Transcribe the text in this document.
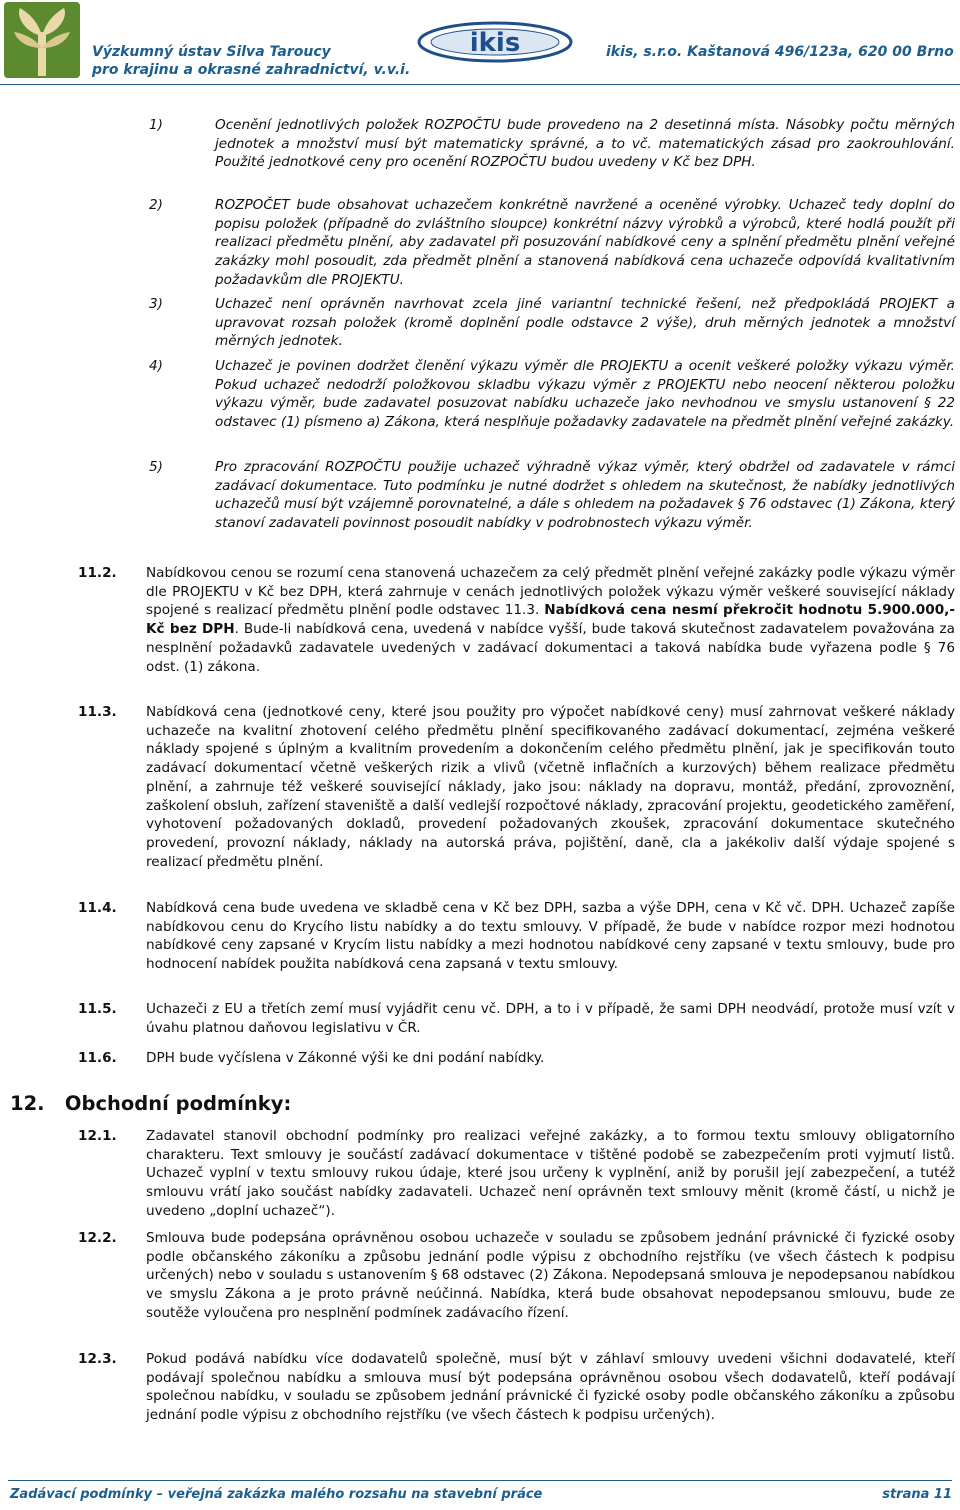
ikis
Výzkumný ústav Silva Taroucy
pro krajinu a okrasné zahradnictví, v.v.i.
ikis, s.r.o. Kaštanová 496/123a, 620 00 Brno
1)	Ocenění jednotlivých položek ROZPOČTU bude provedeno na 2 desetinná místa. Násobky počtu měrných jednotek a množství musí být matematicky správné, a to vč. matematických zásad pro zaokrouhlování. Použité jednotkové ceny pro ocenění ROZPOČTU budou uvedeny v Kč bez DPH.
2)	ROZPOČET bude obsahovat uchazečem konkrétně navržené a oceněné výrobky. Uchazeč tedy doplní do popisu položek (případně do zvláštního sloupce) konkrétní názvy výrobků a výrobců, které hodlá použít při realizaci předmětu plnění, aby zadavatel při posuzování nabídkové ceny a splnění předmětu plnění veřejné zakázky mohl posoudit, zda předmět plnění a stanovená nabídková cena uchazeče odpovídá kvalitativním požadavkům dle PROJEKTU.
3)	Uchazeč není oprávněn navrhovat zcela jiné variantní technické řešení, než předpokládá PROJEKT a upravovat rozsah položek (kromě doplnění podle odstavce 2 výše), druh měrných jednotek a množství měrných jednotek.
4)	Uchazeč je povinen dodržet členění výkazu výměr dle PROJEKTU a ocenit veškeré položky výkazu výměr. Pokud uchazeč nedodrží položkovou skladbu výkazu výměr z PROJEKTU nebo neocení některou položku výkazu výměr, bude zadavatel posuzovat nabídku uchazeče jako nevhodnou ve smyslu ustanovení § 22 odstavec (1) písmeno a) Zákona, která nesplňuje požadavky zadavatele na předmět plnění veřejné zakázky.
5)	Pro zpracování ROZPOČTU použije uchazeč výhradně výkaz výměr, který obdržel od zadavatele v rámci zadávací dokumentace. Tuto podmínku je nutné dodržet s ohledem na skutečnost, že nabídky jednotlivých uchazečů musí být vzájemně porovnatelné, a dále s ohledem na požadavek § 76 odstavec (1) Zákona, který stanoví zadavateli povinnost posoudit nabídky v podrobnostech výkazu výměr.
11.2. Nabídkovou cenou se rozumí cena stanovená uchazečem za celý předmět plnění veřejné zakázky podle výkazu výměr dle PROJEKTU v Kč bez DPH, která zahrnuje v cenách jednotlivých položek výkazu výměr veškeré související náklady spojené s realizací předmětu plnění podle odstavec 11.3. Nabídková cena nesmí překročit hodnotu 5.900.000,- Kč bez DPH. Bude-li nabídková cena, uvedená v nabídce vyšší, bude taková skutečnost zadavatelem považována za nesplnění požadavků zadavatele uvedených v zadávací dokumentaci a taková nabídka bude vyřazena podle § 76 odst. (1) zákona.
11.3. Nabídková cena (jednotkové ceny, které jsou použity pro výpočet nabídkové ceny) musí zahrnovat veškeré náklady uchazeče na kvalitní zhotovení celého předmětu plnění specifikovaného zadávací dokumentací, zejména veškeré náklady spojené s úplným a kvalitním provedením a dokončením celého předmětu plnění, jak je specifikován touto zadávací dokumentací včetně veškerých rizik a vlivů (včetně inflačních a kurzových) během realizace předmětu plnění, a zahrnuje též veškeré související náklady, jako jsou: náklady na dopravu, montáž, předání, zprovoznění, zaškolení obsluh, zařízení staveniště a další vedlejší rozpočtové náklady, zpracování projektu, geodetického zaměření, vyhotovení požadovaných dokladů, provedení požadovaných zkoušek, zpracování dokumentace skutečného provedení, provozní náklady, náklady na autorská práva, pojištění, daně, cla a jakékoliv další výdaje spojené s realizací předmětu plnění.
11.4. Nabídková cena bude uvedena ve skladbě cena v Kč bez DPH, sazba a výše DPH, cena v Kč vč. DPH. Uchazeč zapíše nabídkovou cenu do Krycího listu nabídky a do textu smlouvy. V případě, že bude v nabídce rozpor mezi hodnotou nabídkové ceny zapsané v Krycím listu nabídky a mezi hodnotou nabídkové ceny zapsané v textu smlouvy, bude pro hodnocení nabídek použita nabídková cena zapsaná v textu smlouvy.
11.5. Uchazeči z EU a třetích zemí musí vyjádřit cenu vč. DPH, a to i v případě, že sami DPH neodvádí, protože musí vzít v úvahu platnou daňovou legislativu v ČR.
11.6. DPH bude vyčíslena v Zákonné výši ke dni podání nabídky.
12. Obchodní podmínky:
12.1. Zadavatel stanovil obchodní podmínky pro realizaci veřejné zakázky, a to formou textu smlouvy obligatorního charakteru. Text smlouvy je součástí zadávací dokumentace v tištěné podobě se zabezpečením proti vyjmutí listů. Uchazeč vyplní v textu smlouvy rukou údaje, které jsou určeny k vyplnění, aniž by porušil její zabezpečení, a tutéž smlouvu vrátí jako součást nabídky zadavateli. Uchazeč není oprávněn text smlouvy měnit (kromě částí, u nichž je uvedeno „doplní uchazeč“).
12.2. Smlouva bude podepsána oprávněnou osobou uchazeče v souladu se způsobem jednání právnické či fyzické osoby podle občanského zákoníku a způsobu jednání podle výpisu z obchodního rejstříku (ve všech částech k podpisu určených) nebo v souladu s ustanovením § 68 odstavec (2) Zákona. Nepodepsaná smlouva je nepodepsanou nabídkou ve smyslu Zákona a je proto právně neúčinná. Nabídka, která bude obsahovat nepodepsanou smlouvu, bude ze soutěže vyloučena pro nesplnění podmínek zadávacího řízení.
12.3. Pokud podává nabídku více dodavatelů společně, musí být v záhlaví smlouvy uvedeni všichni dodavatelé, kteří podávají společnou nabídku a smlouva musí být podepsána oprávněnou osobou všech dodavatelů, kteří podávají společnou nabídku, v souladu se způsobem jednání právnické či fyzické osoby podle občanského zákoníku a způsobu jednání podle výpisu z obchodního rejstříku (ve všech částech k podpisu určených).
Zadávací podmínky – veřejná zakázka malého rozsahu na stavební práce	strana 11
